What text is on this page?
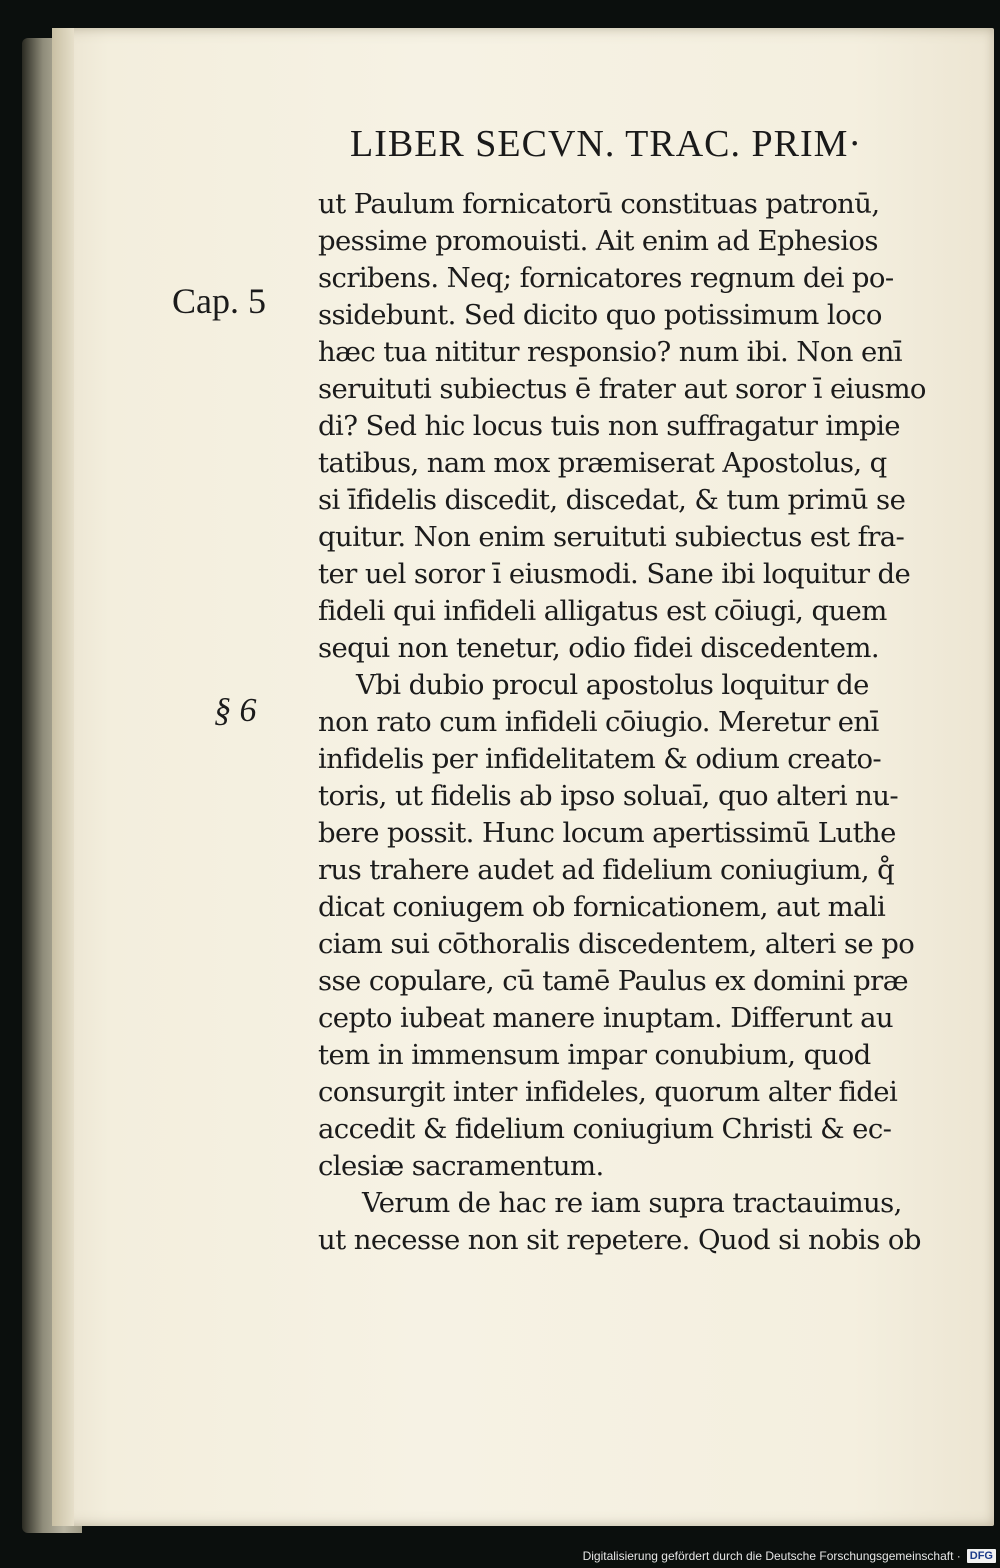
LIBER SECVN. TRAC. PRIM·
Cap. 5
§ 6
ut Paulum fornicatorū constituas patronū,
pessime promouisti. Ait enim ad Ephesios
scribens. Neq; fornicatores regnum dei po-
ssidebunt. Sed dicito quo potissimum loco
hæc tua nititur responsio? num ibi. Non enī
seruituti subiectus ē frater aut soror ī eiusmo
di? Sed hic locus tuis non suffragatur impie
tatibus, nam mox præmiserat Apostolus, q
si īfidelis discedit, discedat, & tum primū se
quitur. Non enim seruituti subiectus est fra-
ter uel soror ī eiusmodi. Sane ibi loquitur de
fideli qui infideli alligatus est cōiugi, quem
sequi non tenetur, odio fidei discedentem.
Vbi dubio procul apostolus loquitur de
non rato cum infideli cōiugio. Meretur enī
infidelis per infidelitatem & odium creato-
toris, ut fidelis ab ipso soluaī, quo alteri nu-
bere possit. Hunc locum apertissimū Luthe
rus trahere audet ad fidelium coniugium, q̊
dicat coniugem ob fornicationem, aut mali
ciam sui cōthoralis discedentem, alteri se po
sse copulare, cū tamē Paulus ex domini præ
cepto iubeat manere inuptam. Differunt au
tem in immensum impar conubium, quod
consurgit inter infideles, quorum alter fidei
accedit & fidelium coniugium Christi & ec-
clesiæ sacramentum.
Verum de hac re iam supra tractauimus,
ut necesse non sit repetere. Quod si nobis ob
Digitalisierung gefördert durch die Deutsche Forschungsgemeinschaft · DFG
